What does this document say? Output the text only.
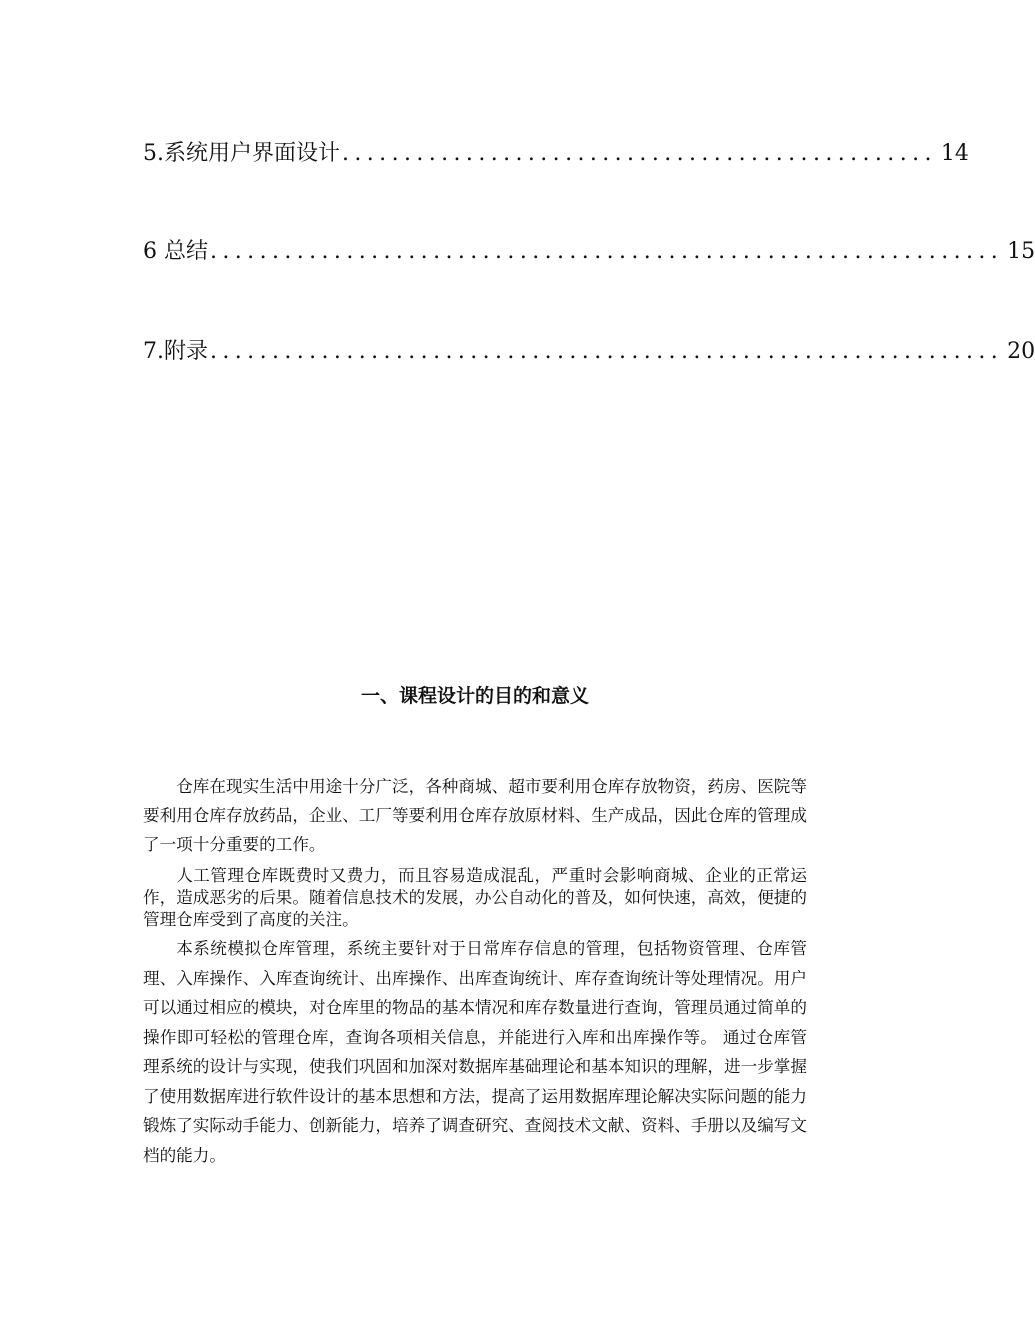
5.系统用户界面设计 ................................................ 14
6 总结 ................................................................ 15
7.附录 ................................................................ 20
一、课程设计的目的和意义

仓库在现实生活中用途十分广泛，各种商城、超市要利用仓库存放物资，药房、医院等要利用仓库存放药品，企业、工厂等要利用仓库存放原材料、生产成品，因此仓库的管理成了一项十分重要的工作。

人工管理仓库既费时又费力，而且容易造成混乱，严重时会影响商城、企业的正常运作，造成恶劣的后果。随着信息技术的发展，办公自动化的普及，如何快速，高效，便捷的管理仓库受到了高度的关注。

本系统模拟仓库管理，系统主要针对于日常库存信息的管理，包括物资管理、仓库管理、入库操作、入库查询统计、出库操作、出库查询统计、库存查询统计等处理情况。用户可以通过相应的模块，对仓库里的物品的基本情况和库存数量进行查询，管理员通过简单的操作即可轻松的管理仓库，查询各项相关信息，并能进行入库和出库操作等。 通过仓库管理系统的设计与实现，使我们巩固和加深对数据库基础理论和基本知识的理解，进一步掌握了使用数据库进行软件设计的基本思想和方法，提高了运用数据库理论解决实际问题的能力锻炼了实际动手能力、创新能力，培养了调查研究、查阅技术文献、资料、手册以及编写文档的能力。
